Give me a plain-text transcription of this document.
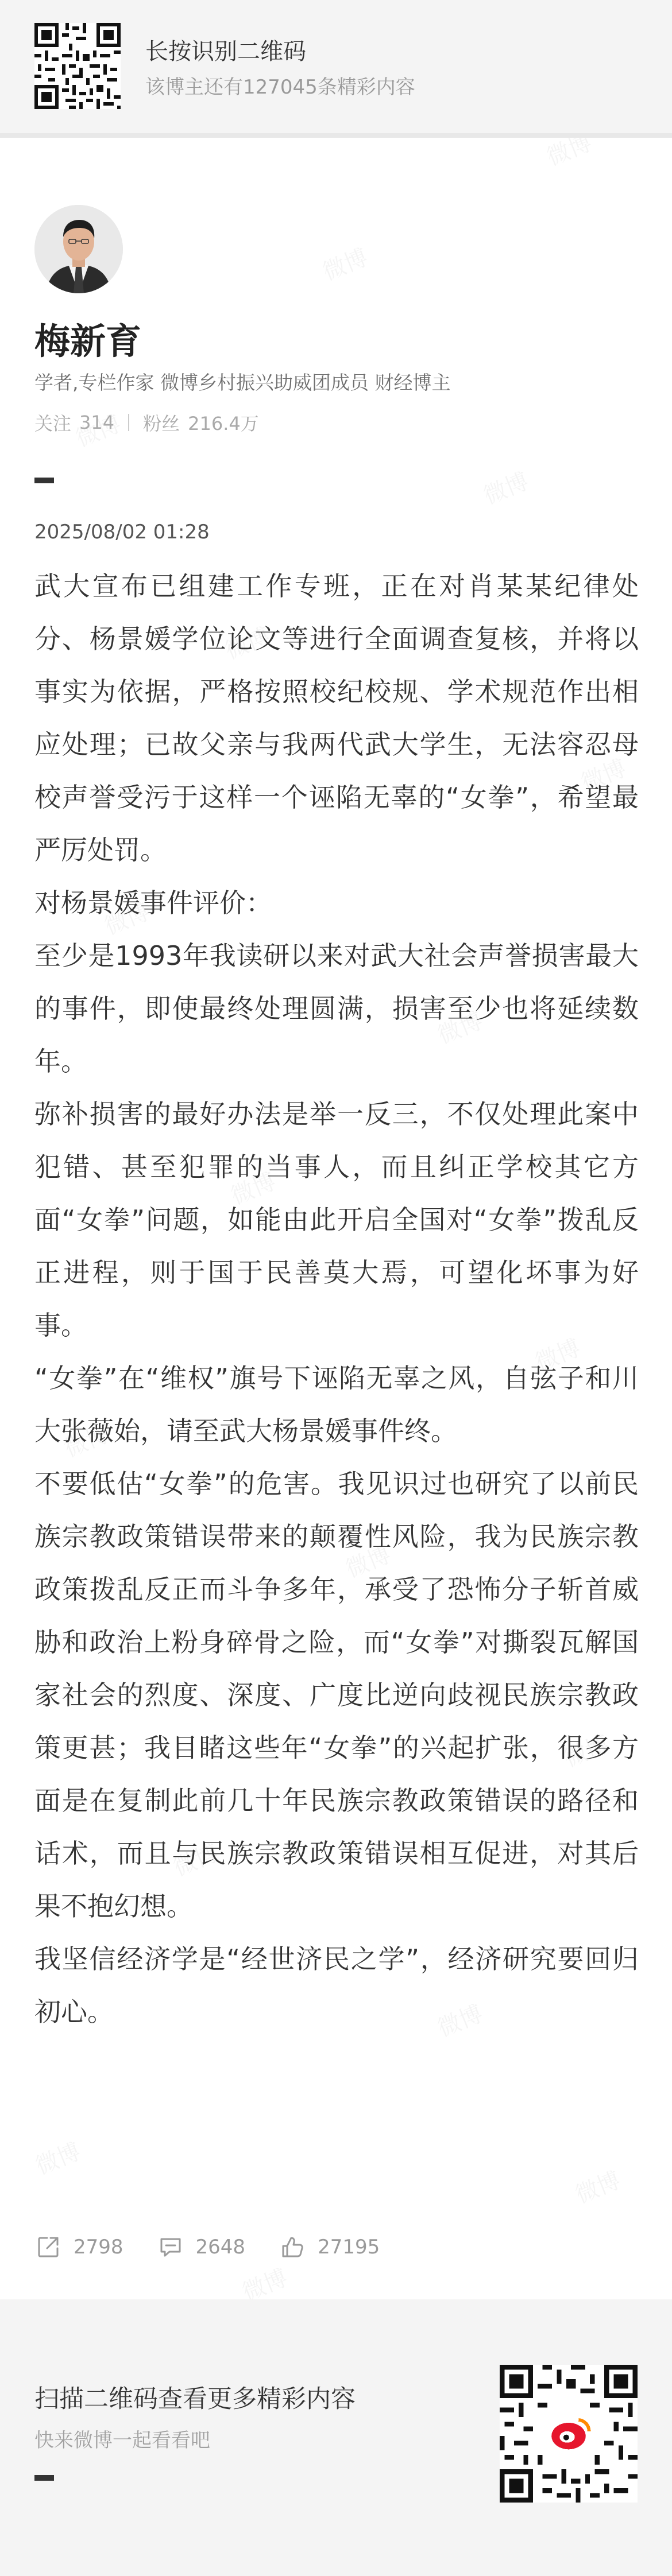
长按识别二维码
该博主还有127045条精彩内容
梅新育
学者,专栏作家 微博乡村振兴助威团成员 财经博主
关注 314 粉丝 216.4万
2025/08/02 01:28

武大宣布已组建工作专班，正在对肖某某纪律处分、杨景媛学位论文等进行全面调查复核，并将以事实为依据，严格按照校纪校规、学术规范作出相应处理；已故父亲与我两代武大学生，无法容忍母校声誉受污于这样一个诬陷无辜的“女拳”，希望最严厉处罚。

对杨景媛事件评价：

至少是1993年我读研以来对武大社会声誉损害最大的事件，即使最终处理圆满，损害至少也将延续数年。

弥补损害的最好办法是举一反三，不仅处理此案中犯错、甚至犯罪的当事人，而且纠正学校其它方面“女拳”问题，如能由此开启全国对“女拳”拨乱反正进程，则于国于民善莫大焉，可望化坏事为好事。

“女拳”在“维权”旗号下诬陷无辜之风，自弦子和川大张薇始，请至武大杨景媛事件终。

不要低估“女拳”的危害。我见识过也研究了以前民族宗教政策错误带来的颠覆性风险，我为民族宗教政策拨乱反正而斗争多年，承受了恐怖分子斩首威胁和政治上粉身碎骨之险，而“女拳”对撕裂瓦解国家社会的烈度、深度、广度比逆向歧视民族宗教政策更甚；我目睹这些年“女拳”的兴起扩张，很多方面是在复制此前几十年民族宗教政策错误的路径和话术，而且与民族宗教政策错误相互促进，对其后果不抱幻想。

我坚信经济学是“经世济民之学”，经济研究要回归初心。

2798	2648	27195
扫描二维码查看更多精彩内容
快来微博一起看看吧
